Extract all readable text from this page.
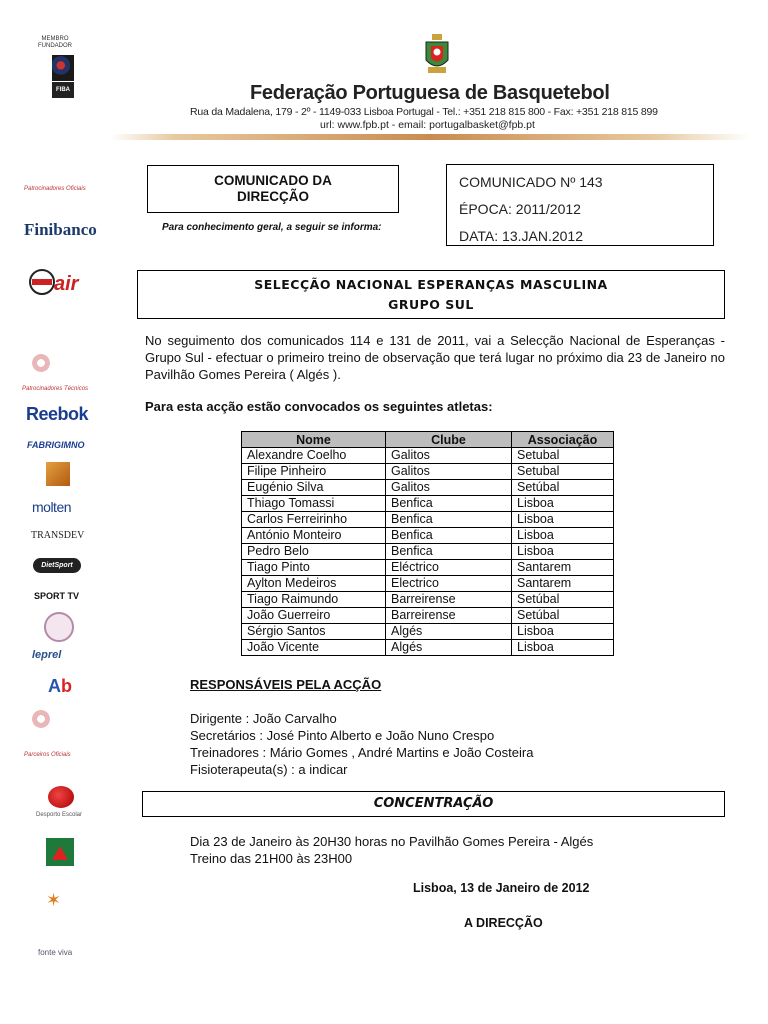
MEMBRO FUNDADOR
FIBA	Federação Portuguesa de Basquetebol
Rua da Madalena, 179 - 2º - 1149-033 Lisboa Portugal - Tel.: +351 218 815 800 - Fax: +351 218 815 899
url: www.fpb.pt - email: portugalbasket@fpb.pt
Patrocinadores Oficiais
Finibanco
air
Patrocinadores Técnicos
Reebok
FABRIGIMNO
molten
TRANSDEV
DietSport
SPORT TV
leprel
Ab
Parceiros Oficiais
Desporto Escolar
✶
fonte viva
COMUNICADO DA
DIRECÇÃO
Para conhecimento geral, a seguir se informa:
COMUNICADO Nº 143
ÉPOCA: 2011/2012
DATA: 13.JAN.2012
SELECÇÃO NACIONAL ESPERANÇAS MASCULINA
GRUPO SUL
No seguimento dos comunicados 114 e 131 de 2011, vai a Selecção Nacional de Esperanças - Grupo Sul - efectuar o primeiro treino de observação que terá lugar no próximo dia 23 de Janeiro no Pavilhão Gomes Pereira ( Algés ).
Para esta acção estão convocados os seguintes atletas:
Nome	Clube	Associação
Alexandre Coelho	Galitos	Setubal
Filipe Pinheiro	Galitos	Setubal
Eugénio Silva	Galitos	Setúbal
Thiago Tomassi	Benfica	Lisboa
Carlos Ferreirinho	Benfica	Lisboa
António Monteiro	Benfica	Lisboa
Pedro Belo	Benfica	Lisboa
Tiago Pinto	Eléctrico	Santarem
Aylton Medeiros	Electrico	Santarem
Tiago Raimundo	Barreirense	Setúbal
João Guerreiro	Barreirense	Setúbal
Sérgio Santos	Algés	Lisboa
João Vicente	Algés	Lisboa
RESPONSÁVEIS PELA ACÇÃO
Dirigente : João Carvalho
Secretários : José Pinto Alberto e João Nuno Crespo
Treinadores : Mário Gomes , André Martins e João Costeira
Fisioterapeuta(s) : a indicar
CONCENTRAÇÃO
Dia 23 de Janeiro às 20H30 horas no Pavilhão Gomes Pereira - Algés
Treino das 21H00 às 23H00
Lisboa, 13 de Janeiro de 2012
A DIRECÇÃO
